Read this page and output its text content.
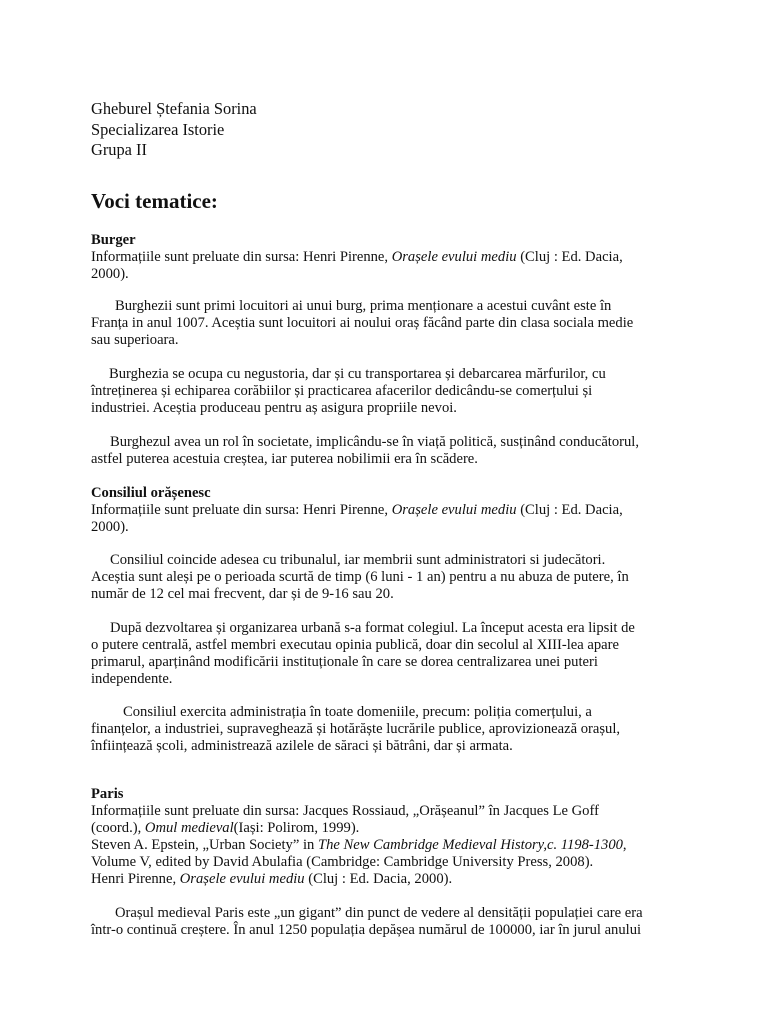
Gheburel Ștefania Sorina
Specializarea Istorie
Grupa II
Voci tematice:
Burger
Informațiile sunt preluate din sursa: Henri Pirenne, Orașele evului mediu (Cluj : Ed. Dacia,
2000).
Burghezii sunt primi locuitori ai unui burg, prima menționare a acestui cuvânt este în
Franța in anul 1007. Aceștia sunt locuitori ai noului oraș făcând parte din clasa sociala medie
sau superioara.
Burghezia se ocupa cu negustoria, dar și cu transportarea și debarcarea mărfurilor, cu
întreținerea și echiparea corăbiilor și practicarea afacerilor dedicându-se comerțului și
industriei. Aceștia produceau pentru aș asigura propriile nevoi.
Burghezul avea un rol în societate, implicându-se în viață politică, susținând conducătorul,
astfel puterea acestuia creștea, iar puterea nobilimii era în scădere.
Consiliul orășenesc
Informațiile sunt preluate din sursa: Henri Pirenne, Orașele evului mediu (Cluj : Ed. Dacia,
2000).
Consiliul coincide adesea cu tribunalul, iar membrii sunt administratori si judecători.
Aceștia sunt aleși pe o perioada scurtă de timp (6 luni - 1 an) pentru a nu abuza de putere, în
număr de 12 cel mai frecvent, dar și de 9-16 sau 20.
După dezvoltarea și organizarea urbană s-a format colegiul. La început acesta era lipsit de
o putere centrală, astfel membri executau opinia publică, doar din secolul al XIII-lea apare
primarul, aparținând modificării instituționale în care se dorea centralizarea unei puteri
independente.
Consiliul exercita administrația în toate domeniile, precum: poliția comerțului, a
finanțelor, a industriei, supraveghează și hotărăște lucrările publice, aprovizionează orașul,
înființează școli, administrează azilele de săraci și bătrâni, dar și armata.
Paris
Informațiile sunt preluate din sursa: Jacques Rossiaud, „Orășeanul” în Jacques Le Goff
(coord.), Omul medieval(Iași: Polirom, 1999).
Steven A. Epstein, „Urban Society” in The New Cambridge Medieval History,c. 1198-1300,
Volume V, edited by David Abulafia (Cambridge: Cambridge University Press, 2008).
Henri Pirenne, Orașele evului mediu (Cluj : Ed. Dacia, 2000).
Orașul medieval Paris este „un gigant” din punct de vedere al densității populației care era
într-o continuă creștere. În anul 1250 populația depășea numărul de 100000, iar în jurul anului
